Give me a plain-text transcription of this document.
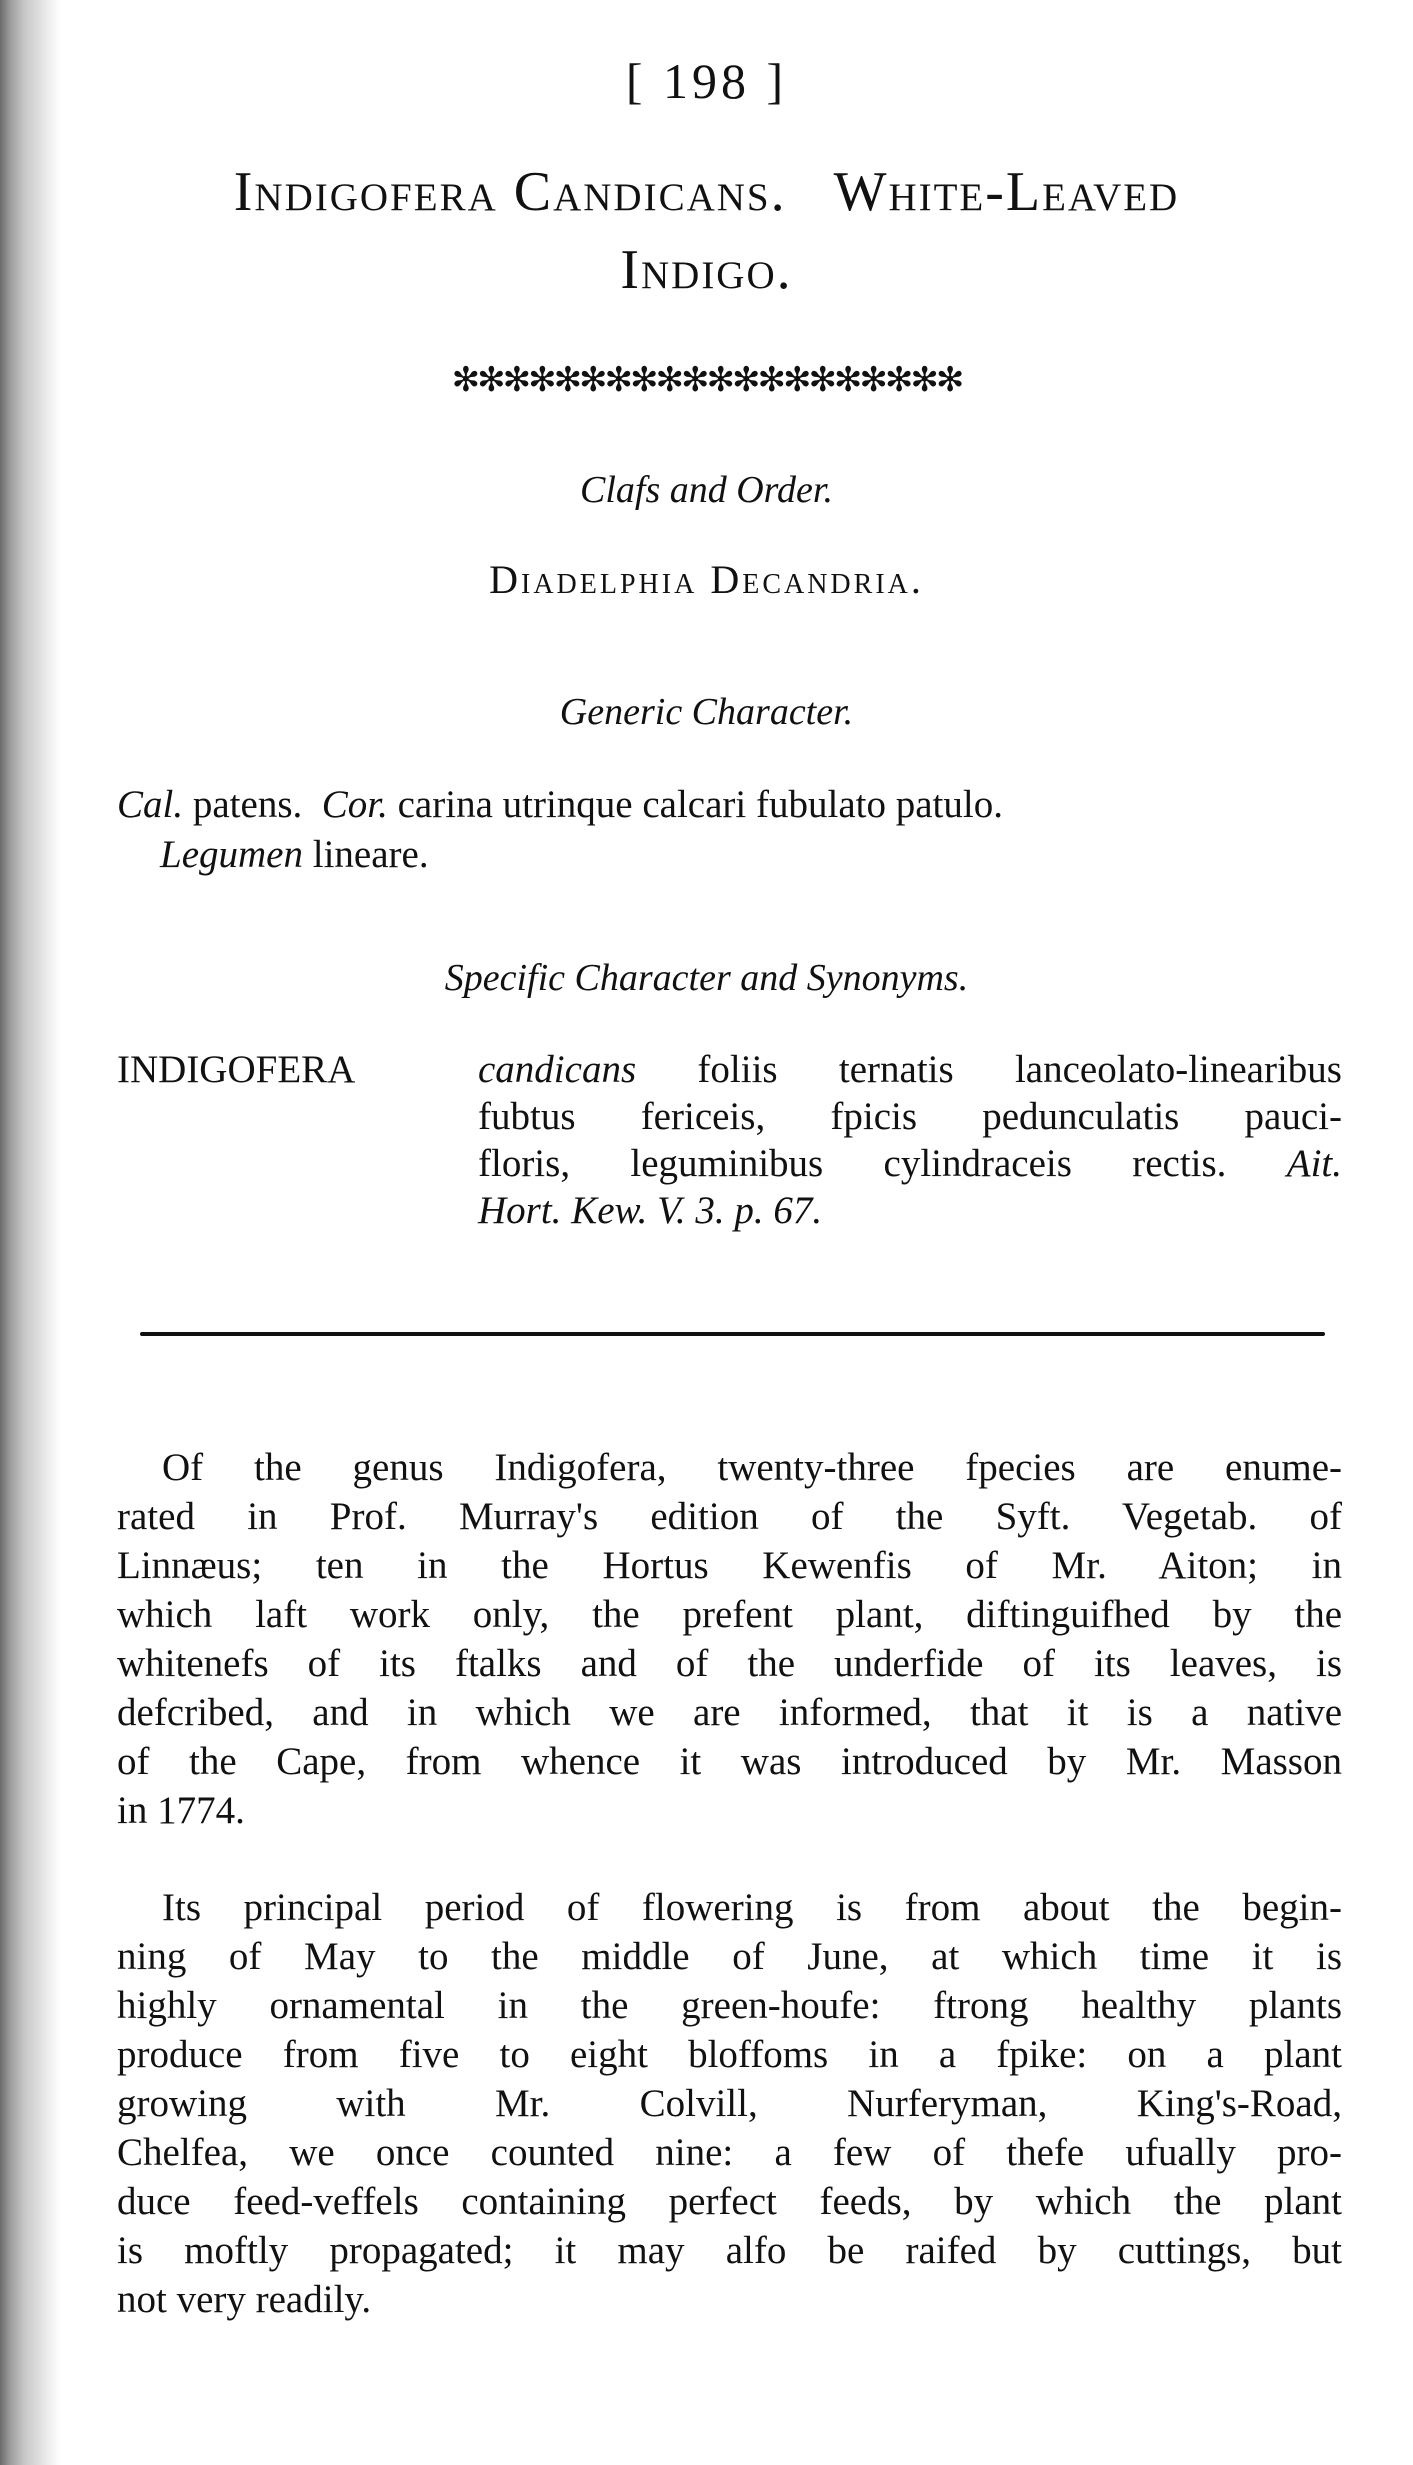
[ 198 ]
Indigofera Candicans.   White-Leaved
Indigo.
✻✻✻✻✻✻✻✻✻✻✻✻✻✻✻✻✻✻✻✻
Clafs and Order.
Diadelphia Decandria.
Generic Character.
Cal. patens.  Cor. carina utrinque calcari fubulato patulo.
Legumen lineare.
Specific Character and Synonyms.
INDIGOFERA	candicans foliis ternatis lanceolato-linearibus
fubtus fericeis, fpicis pedunculatis pauci-
floris, leguminibus cylindraceis rectis. Ait.
Hort. Kew. V. 3. p. 67.
Of the genus Indigofera, twenty-three fpecies are enume-
rated in Prof. Murray's edition of the Syft. Vegetab. of
Linnæus; ten in the Hortus Kewenfis of Mr. Aiton; in
which laft work only, the prefent plant, diftinguifhed by the
whitenefs of its ftalks and of the underfide of its leaves, is
defcribed, and in which we are informed, that it is a native
of the Cape, from whence it was introduced by Mr. Masson
in 1774.
Its principal period of flowering is from about the begin-
ning of May to the middle of June, at which time it is
highly ornamental in the green-houfe: ftrong healthy plants
produce from five to eight bloffoms in a fpike: on a plant
growing with Mr. Colvill, Nurferyman, King's-Road,
Chelfea, we once counted nine: a few of thefe ufually pro-
duce feed-veffels containing perfect feeds, by which the plant
is moftly propagated; it may alfo be raifed by cuttings, but
not very readily.
